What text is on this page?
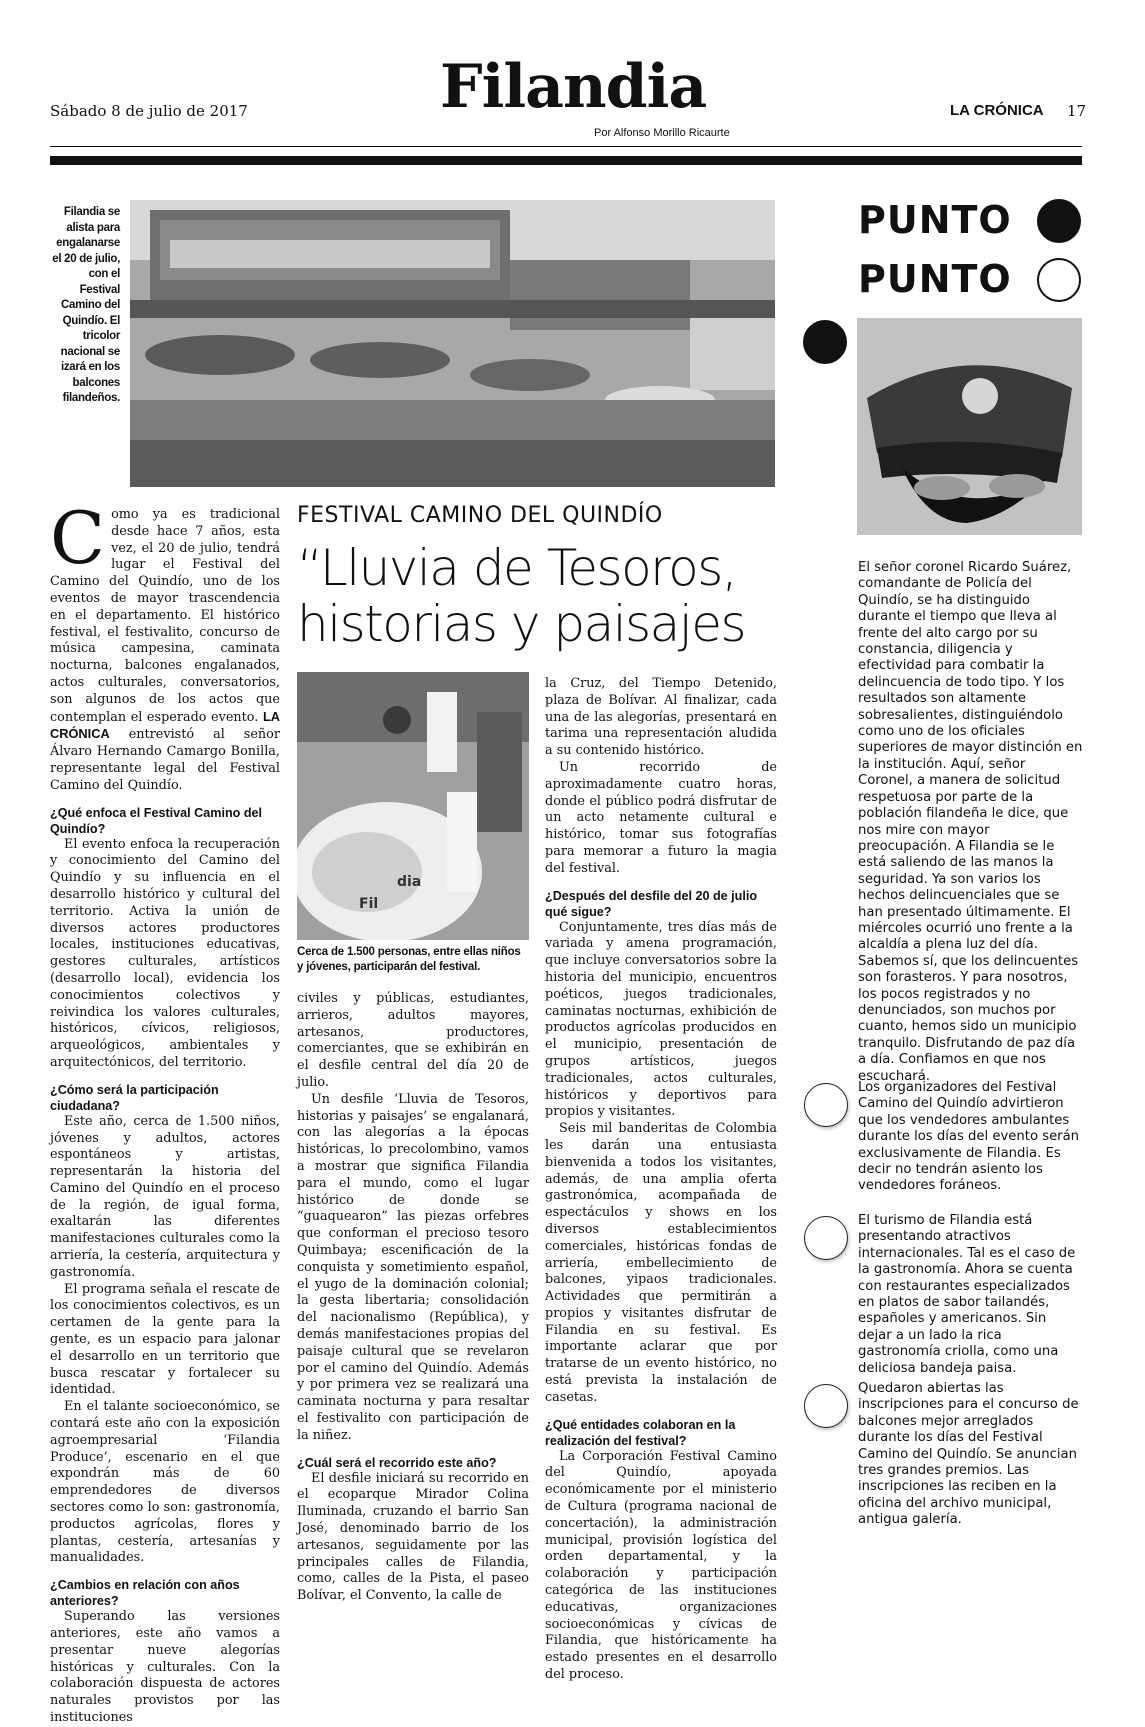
Sábado 8 de julio de 2017	Filandia
Por Alfonso Morillo Ricaurte
LA CRÓNICA 17
Filandia se alista para engalanarse el 20 de julio, con el Festival Camino del Quindío. El tricolor nacional se izará en los balcones filandeños.
PUNTO
PUNTO

El señor coronel Ricardo Suárez, comandante de Policía del Quindío, se ha distinguido durante el tiempo que lleva al frente del alto cargo por su constancia, diligencia y efectividad para combatir la delincuencia de todo tipo. Y los resultados son altamente sobresalientes, distinguiéndolo como uno de los oficiales superiores de mayor distinción en la institución. Aquí, señor Coronel, a manera de solicitud respetuosa por parte de la población filandeña le dice, que nos mire con mayor preocupación. A Filandia se le está saliendo de las manos la seguridad. Ya son varios los hechos delincuenciales que se han presentado últimamente. El miércoles ocurrió uno frente a la alcaldía a plena luz del día. Sabemos sí, que los delincuentes son forasteros. Y para nosotros, los pocos registrados y no denunciados, son muchos por cuanto, hemos sido un municipio tranquilo. Disfrutando de paz día a día. Confiamos en que nos escuchará.

Los organizadores del Festival Camino del Quindío advirtieron que los vendedores ambulantes durante los días del evento serán exclusivamente de Filandia. Es decir no tendrán asiento los vendedores foráneos.

El turismo de Filandia está presentando atractivos internacionales. Tal es el caso de la gastronomía. Ahora se cuenta con restaurantes especializados en platos de sabor tailandés, españoles y americanos. Sin dejar a un lado la rica gastronomía criolla, como una deliciosa bandeja paisa.

Quedaron abiertas las inscripciones para el concurso de balcones mejor arreglados durante los días del Festival Camino del Quindío. Se anuncian tres grandes premios. Las inscripciones las reciben en la oficina del archivo municipal, antigua galería.

FESTIVAL CAMINO DEL QUINDÍO
“Lluvia de Tesoros, historias y paisajes
dia
Fil
Cerca de 1.500 personas, entre ellas niños y jóvenes, participarán del festival.

Como ya es tradicional desde hace 7 años, esta vez, el 20 de julio, tendrá lugar el Festival del Camino del Quindío, uno de los eventos de mayor trascendencia en el departamento. El histórico festival, el festivalito, concurso de música campesina, caminata nocturna, balcones engalanados, actos culturales, conversatorios, son algunos de los actos que contemplan el esperado evento. LA CRÓNICA entrevistó al señor Álvaro Hernando Camargo Bonilla, representante legal del Festival Camino del Quindío.

¿Qué enfoca el Festival Camino del Quindío?

El evento enfoca la recuperación y conocimiento del Camino del Quindío y su influencia en el desarrollo histórico y cultural del territorio. Activa la unión de diversos actores productores locales, instituciones educativas, gestores culturales, artísticos (desarrollo local), evidencia los conocimientos colectivos y reivindica los valores culturales, históricos, cívicos, religiosos, arqueológicos, ambientales y arquitectónicos, del territorio.

¿Cómo será la participación ciudadana?

Este año, cerca de 1.500 niños, jóvenes y adultos, actores espontáneos y artistas, representarán la historia del Camino del Quindío en el proceso de la región, de igual forma, exaltarán las diferentes manifestaciones culturales como la arriería, la cestería, arquitectura y gastronomía.

El programa señala el rescate de los conocimientos colectivos, es un certamen de la gente para la gente, es un espacio para jalonar el desarrollo en un territorio que busca rescatar y fortalecer su identidad.

En el talante socioeconómico, se contará este año con la exposición agroempresarial ‘Filandia Produce’, escenario en el que expondrán más de 60 emprendedores de diversos sectores como lo son: gastronomía, productos agrícolas, flores y plantas, cestería, artesanías y manualidades.

¿Cambios en relación con años anteriores?

Superando las versiones anteriores, este año vamos a presentar nueve alegorías históricas y culturales. Con la colaboración dispuesta de actores naturales provistos por las instituciones

civiles y públicas, estudiantes, arrieros, adultos mayores, artesanos, productores, comerciantes, que se exhibirán en el desfile central del día 20 de julio.

Un desfile ‘Lluvia de Tesoros, historias y paisajes’ se engalanará, con las alegorías a la épocas históricas, lo precolombino, vamos a mostrar que significa Filandia para el mundo, como el lugar histórico de donde se “guaquearon” las piezas orfebres que conforman el precioso tesoro Quimbaya; escenificación de la conquista y sometimiento español, el yugo de la dominación colonial; la gesta libertaria; consolidación del nacionalismo (República), y demás manifestaciones propias del paisaje cultural que se revelaron por el camino del Quindío. Además y por primera vez se realizará una caminata nocturna y para resaltar el festivalito con participación de la niñez.

¿Cuál será el recorrido este año?

El desfile iniciará su recorrido en el ecoparque Mirador Colina Iluminada, cruzando el barrio San José, denominado barrio de los artesanos, seguidamente por las principales calles de Filandia, como, calles de la Pista, el paseo Bolívar, el Convento, la calle de

la Cruz, del Tiempo Detenido, plaza de Bolívar. Al finalizar, cada una de las alegorías, presentará en tarima una representación aludida a su contenido histórico.

Un recorrido de aproximadamente cuatro horas, donde el público podrá disfrutar de un acto netamente cultural e histórico, tomar sus fotografías para memorar a futuro la magia del festival.

¿Después del desfile del 20 de julio qué sigue?

Conjuntamente, tres días más de variada y amena programación, que incluye conversatorios sobre la historia del municipio, encuentros poéticos, juegos tradicionales, caminatas nocturnas, exhibición de productos agrícolas producidos en el municipio, presentación de grupos artísticos, juegos tradicionales, actos culturales, históricos y deportivos para propios y visitantes.

Seis mil banderitas de Colombia les darán una entusiasta bienvenida a todos los visitantes, además, de una amplia oferta gastronómica, acompañada de espectáculos y shows en los diversos establecimientos comerciales, históricas fondas de arriería, embellecimiento de balcones, yipaos tradicionales. Actividades que permitirán a propios y visitantes disfrutar de Filandia en su festival. Es importante aclarar que por tratarse de un evento histórico, no está prevista la instalación de casetas.

¿Qué entidades colaboran en la realización del festival?

La Corporación Festival Camino del Quindío, apoyada económicamente por el ministerio de Cultura (programa nacional de concertación), la administración municipal, provisión logística del orden departamental, y la colaboración y participación categórica de las instituciones educativas, organizaciones socioeconómicas y cívicas de Filandia, que históricamente ha estado presentes en el desarrollo del proceso.
